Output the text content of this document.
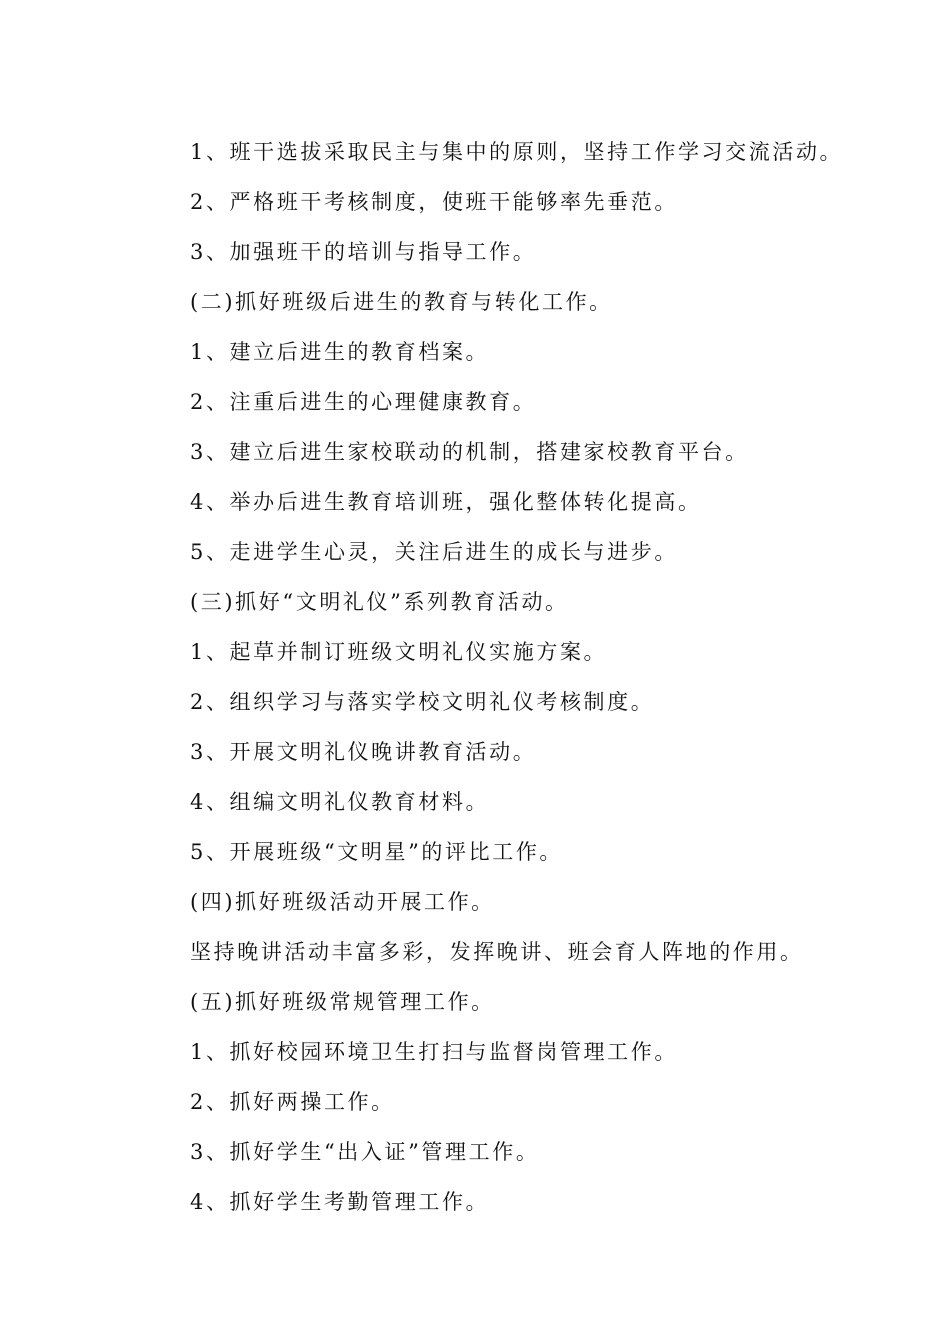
1、班干选拔采取民主与集中的原则，坚持工作学习交流活动。
2、严格班干考核制度，使班干能够率先垂范。
3、加强班干的培训与指导工作。
(二)抓好班级后进生的教育与转化工作。
1、建立后进生的教育档案。
2、注重后进生的心理健康教育。
3、建立后进生家校联动的机制，搭建家校教育平台。
4、举办后进生教育培训班，强化整体转化提高。
5、走进学生心灵，关注后进生的成长与进步。
(三)抓好“文明礼仪”系列教育活动。
1、起草并制订班级文明礼仪实施方案。
2、组织学习与落实学校文明礼仪考核制度。
3、开展文明礼仪晚讲教育活动。
4、组编文明礼仪教育材料。
5、开展班级“文明星”的评比工作。
(四)抓好班级活动开展工作。
坚持晚讲活动丰富多彩，发挥晚讲、班会育人阵地的作用。
(五)抓好班级常规管理工作。
1、抓好校园环境卫生打扫与监督岗管理工作。
2、抓好两操工作。
3、抓好学生“出入证”管理工作。
4、抓好学生考勤管理工作。
